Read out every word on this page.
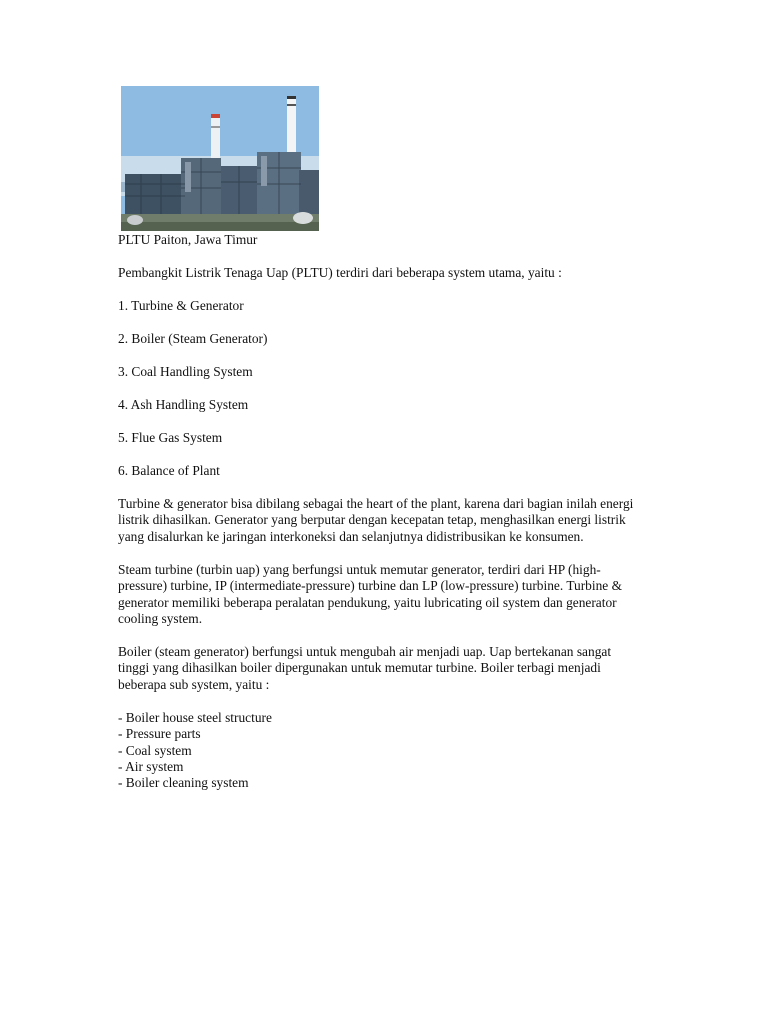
PLTU Paiton, Jawa Timur

Pembangkit Listrik Tenaga Uap (PLTU) terdiri dari beberapa system utama, yaitu :

1. Turbine & Generator

2. Boiler (Steam Generator)

3. Coal Handling System

4. Ash Handling System

5. Flue Gas System

6. Balance of Plant

Turbine & generator bisa dibilang sebagai the heart of the plant, karena dari bagian inilah energi listrik dihasilkan. Generator yang berputar dengan kecepatan tetap, menghasilkan energi listrik yang disalurkan ke jaringan interkoneksi dan selanjutnya didistribusikan ke konsumen.

Steam turbine (turbin uap) yang berfungsi untuk memutar generator, terdiri dari HP (high-pressure) turbine, IP (intermediate-pressure) turbine dan LP (low-pressure) turbine. Turbine & generator memiliki beberapa peralatan pendukung, yaitu lubricating oil system dan generator cooling system.

Boiler (steam generator) berfungsi untuk mengubah air menjadi uap. Uap bertekanan sangat tinggi yang dihasilkan boiler dipergunakan untuk memutar turbine. Boiler terbagi menjadi beberapa sub system, yaitu :

- Boiler house steel structure
- Pressure parts
- Coal system
- Air system
- Boiler cleaning system
